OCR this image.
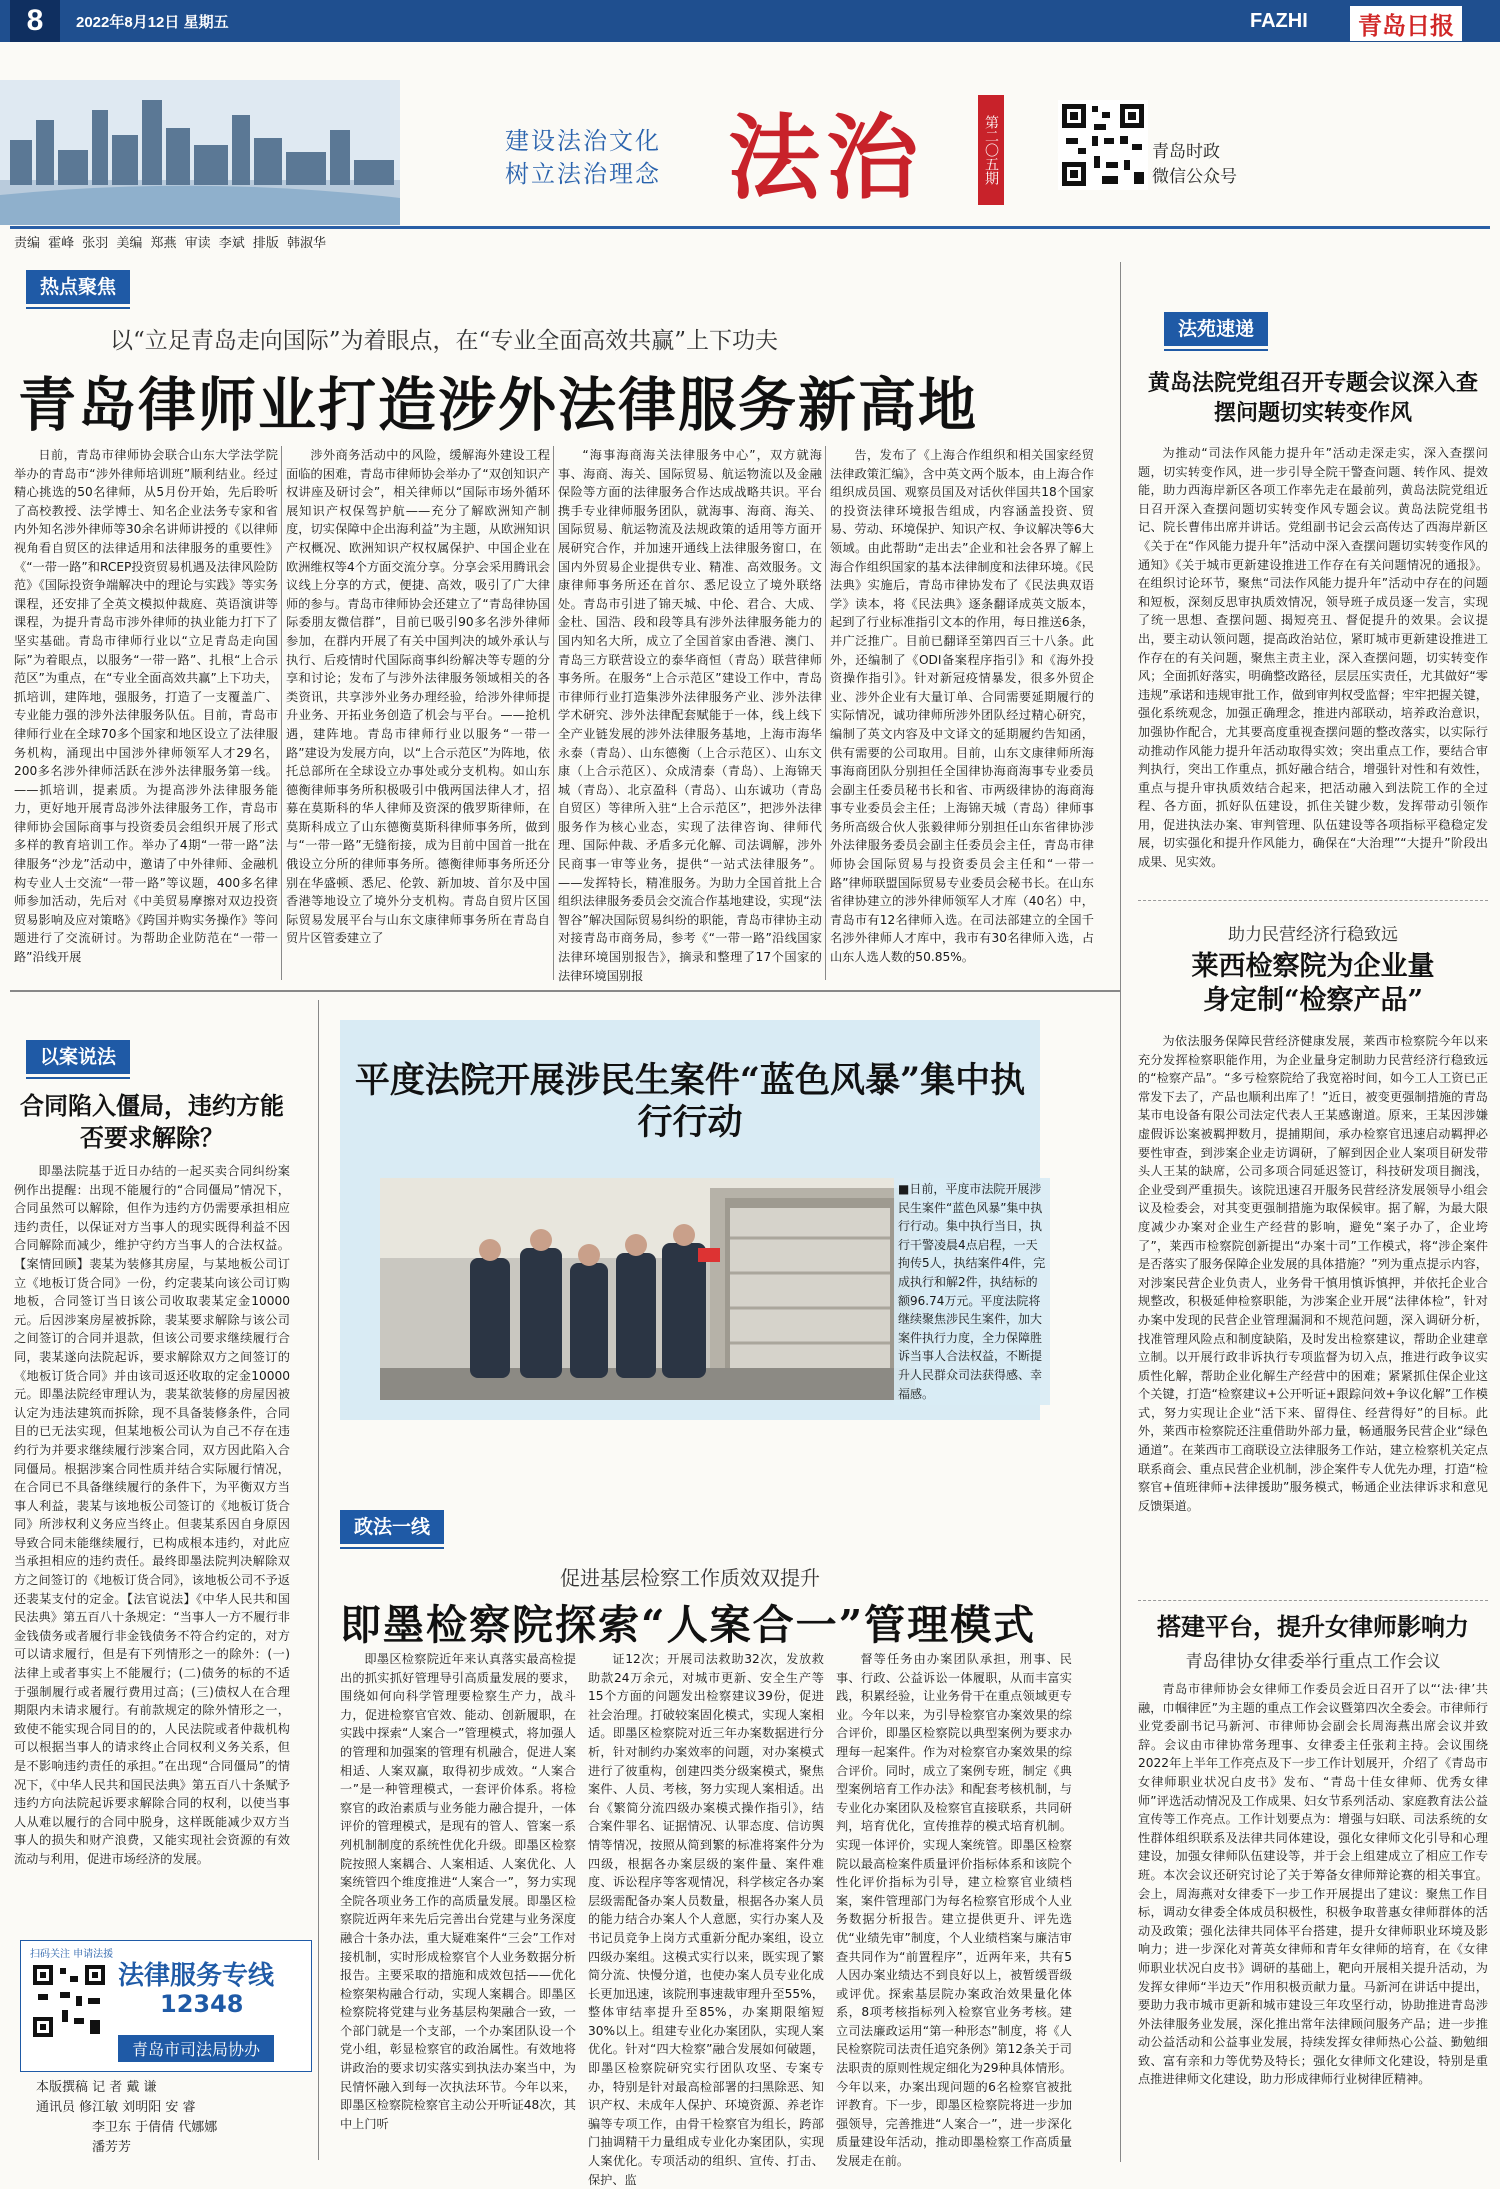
8	2022年8月12日 星期五	FAZHI	青岛日报
建设法治文化
树立法治理念 法治	第二〇五期	青岛时政
微信公众号
责编 霍峰 张羽 美编 郑燕 审读 李斌 排版 韩淑华
热点聚焦
以“立足青岛走向国际”为着眼点，在“专业全面高效共赢”上下功夫
青岛律师业打造涉外法律服务新高地

日前，青岛市律师协会联合山东大学法学院举办的青岛市“涉外律师培训班”顺利结业。经过精心挑选的50名律师，从5月份开始，先后聆听了高校教授、法学博士、知名企业法务专家和省内外知名涉外律师等30余名讲师讲授的《以律师视角看自贸区的法律适用和法律服务的重要性》《“一带一路”和RCEP投资贸易机遇及法律风险防范》《国际投资争端解决中的理论与实践》等实务课程，还安排了全英文模拟仲裁庭、英语演讲等课程，为提升青岛市涉外律师的执业能力打下了坚实基础。青岛市律师行业以“立足青岛走向国际”为着眼点，以服务“一带一路”、扎根“上合示范区”为重点，在“专业全面高效共赢”上下功夫，抓培训，建阵地，强服务，打造了一支覆盖广、专业能力强的涉外法律服务队伍。目前，青岛市律师行业在全球70多个国家和地区设立了法律服务机构，涌现出中国涉外律师领军人才29名，200多名涉外律师活跃在涉外法律服务第一线。——抓培训，提素质。为提高涉外法律服务能力，更好地开展青岛涉外法律服务工作，青岛市律师协会国际商事与投资委员会组织开展了形式多样的教育培训工作。举办了4期“一带一路”法律服务“沙龙”活动中，邀请了中外律师、金融机构专业人士交流“一带一路”等议题，400多名律师参加活动，先后对《中美贸易摩擦对双边投资贸易影响及应对策略》《跨国并购实务操作》等问题进行了交流研讨。为帮助企业防范在“一带一路”沿线开展

涉外商务活动中的风险，缓解海外建设工程面临的困难，青岛市律师协会举办了“双创知识产权讲座及研讨会”，相关律师以“国际市场外循环展知识产权保驾护航——充分了解欧洲知产制度，切实保障中企出海利益”为主题，从欧洲知识产权概况、欧洲知识产权权属保护、中国企业在欧洲维权等4个方面交流分享。分享会采用腾讯会议线上分享的方式，便捷、高效，吸引了广大律师的参与。青岛市律师协会还建立了“青岛律协国际委朋友微信群”，目前已吸引90多名涉外律师参加，在群内开展了有关中国判决的域外承认与执行、后疫情时代国际商事纠纷解决等专题的分享和讨论；发布了与涉外法律服务领域相关的各类资讯，共享涉外业务办理经验，给涉外律师提升业务、开拓业务创造了机会与平台。——抢机遇，建阵地。青岛市律师行业以服务“一带一路”建设为发展方向，以“上合示范区”为阵地，依托总部所在全球设立办事处或分支机构。如山东德衡律师事务所积极吸引中俄两国法律人才，招募在莫斯科的华人律师及资深的俄罗斯律师，在莫斯科成立了山东德衡莫斯科律师事务所，做到与“一带一路”无缝衔接，成为目前中国首一批在俄设立分所的律师事务所。德衡律师事务所还分别在华盛顿、悉尼、伦敦、新加坡、首尔及中国香港等地设立了境外分支机构。青岛自贸片区国际贸易发展平台与山东文康律师事务所在青岛自贸片区管委建立了

“海事海商海关法律服务中心”，双方就海事、海商、海关、国际贸易、航运物流以及金融保险等方面的法律服务合作达成战略共识。平台携手专业律师服务团队，就海事、海商、海关、国际贸易、航运物流及法规政策的适用等方面开展研究合作，并加速开通线上法律服务窗口，在国内外贸易企业提供专业、精准、高效服务。文康律师事务所还在首尔、悉尼设立了境外联络处。青岛市引进了锦天城、中伦、君合、大成、金杜、国浩、段和段等具有涉外法律服务能力的国内知名大所，成立了全国首家由香港、澳门、青岛三方联营设立的泰华商恒（青岛）联营律师事务所。在服务“上合示范区”建设工作中，青岛市律师行业打造集涉外法律服务产业、涉外法律学术研究、涉外法律配套赋能于一体，线上线下全产业链发展的涉外法律服务基地，上海市海华永泰（青岛）、山东德衡（上合示范区）、山东文康（上合示范区）、众成清泰（青岛）、上海锦天城（青岛）、北京盈科（青岛）、山东诚功（青岛自贸区）等律所入驻“上合示范区”，把涉外法律服务作为核心业态，实现了法律咨询、律师代理、国际仲裁、矛盾多元化解、司法调解，涉外民商事一审等业务，提供“一站式法律服务”。——发挥特长，精准服务。为助力全国首批上合组织法律服务委员会交流合作基地建设，实现“法智谷”解决国际贸易纠纷的职能，青岛市律协主动对接青岛市商务局，参考《“一带一路”沿线国家法律环境国别报告》，摘录和整理了17个国家的法律环境国别报

告，发布了《上海合作组织和相关国家经贸法律政策汇编》，含中英文两个版本，由上海合作组织成员国、观察员国及对话伙伴国共18个国家的投资法律环境报告组成，内容涵盖投资、贸易、劳动、环境保护、知识产权、争议解决等6大领域。由此帮助“走出去”企业和社会各界了解上海合作组织国家的基本法律制度和法律环境。《民法典》实施后，青岛市律协发布了《民法典双语学》读本，将《民法典》逐条翻译成英文版本，起到了行业标准指引文本的作用，每日推送6条，并广泛推广。目前已翻译至第四百三十八条。此外，还编制了《ODI备案程序指引》和《海外投资操作指引》。针对新冠疫情暴发，很多外贸企业、涉外企业有大量订单、合同需要延期履行的实际情况，诚功律师所涉外团队经过精心研究，编制了英文内容及中文译文的延期履约告知函，供有需要的公司取用。目前，山东文康律师所海事海商团队分别担任全国律协海商海事专业委员会副主任委员秘书长和省、市两级律协的海商海事专业委员会主任；上海锦天城（青岛）律师事务所高级合伙人张毅律师分别担任山东省律协涉外法律服务委员会副主任委员会主任，青岛市律师协会国际贸易与投资委员会主任和“一带一路”律师联盟国际贸易专业委员会秘书长。在山东省律协建立的涉外律师领军人才库（40名）中，青岛市有12名律师入选。在司法部建立的全国千名涉外律师人才库中，我市有30名律师入选，占山东人选人数的50.85%。

法苑速递
黄岛法院党组召开专题会议深入查摆问题切实转变作风

为推动“司法作风能力提升年”活动走深走实，深入查摆问题，切实转变作风，进一步引导全院干警查问题、转作风、提效能，助力西海岸新区各项工作率先走在最前列，黄岛法院党组近日召开深入查摆问题切实转变作风专题会议。黄岛法院党组书记、院长曹伟出席并讲话。党组副书记会云高传达了西海岸新区《关于在“作风能力提升年”活动中深入查摆问题切实转变作风的通知》《关于城市更新建设推进工作存在有关问题情况的通报》。在组织讨论环节，聚焦“司法作风能力提升年”活动中存在的问题和短板，深刻反思审执质效情况，领导班子成员逐一发言，实现了统一思想、查摆问题、揭短亮丑、督促提升的效果。会议提出，要主动认领问题，提高政治站位，紧盯城市更新建设推进工作存在的有关问题，聚焦主责主业，深入查摆问题，切实转变作风；全面抓好落实，明确整改路径，层层压实责任，尤其做好“零违规”承诺和违规审批工作，做到审判权受监督；牢牢把握关键，强化系统观念，加强正确理念，推进内部联动，培养政治意识，加强协作配合，尤其要高度重视查摆问题的整改落实，以实际行动推动作风能力提升年活动取得实效；突出重点工作，要结合审判执行，突出工作重点，抓好融合结合，增强针对性和有效性，重点与提升审执质效结合起来，把活动融入到法院工作的全过程、各方面，抓好队伍建设，抓住关键少数，发挥带动引领作用，促进执法办案、审判管理、队伍建设等各项指标平稳稳定发展，切实强化和提升作风能力，确保在“大治理”“大提升”阶段出成果、见实效。

助力民营经济行稳致远
莱西检察院为企业量身定制“检察产品”

为依法服务保障民营经济健康发展，莱西市检察院今年以来充分发挥检察职能作用，为企业量身定制助力民营经济行稳致远的“检察产品”。“多亏检察院给了我宽裕时间，如今工人工资已正常发下去了，产品也顺利出库了！”近日，被变更强制措施的青岛某市电设备有限公司法定代表人王某感谢道。原来，王某因涉嫌虚假诉讼案被羁押数月，提捕期间，承办检察官迅速启动羁押必要性审查，到涉案企业走访调研，了解到因企业人案项目研发带头人王某的缺席，公司多项合同延迟签订，科技研发项目搁浅，企业受到严重损失。该院迅速召开服务民营经济发展领导小组会议及检委会，对其变更强制措施为取保候审。据了解，为最大限度减少办案对企业生产经营的影响，避免“案子办了，企业垮了”，莱西市检察院创新提出“办案十司”工作模式，将“涉企案件是否落实了服务保障企业发展的具体措施？”列为重点提示内容，对涉案民营企业负责人，业务骨干慎用慎诉慎押，并依托企业合规整改，积极延伸检察职能，为涉案企业开展“法律体检”，针对办案中发现的民营企业管理漏洞和不规范问题，深入调研分析，找准管理风险点和制度缺陷，及时发出检察建议，帮助企业建章立制。以开展行政非诉执行专项监督为切入点，推进行政争议实质性化解，帮助企业化解生产经营中的困难；紧紧抓住保企业这个关键，打造“检察建议+公开听证+跟踪问效+争议化解”工作模式，努力实现让企业“活下来、留得住、经营得好”的目标。此外，莱西市检察院还注重借助外部力量，畅通服务民营企业“绿色通道”。在莱西市工商联设立法律服务工作站，建立检察机关定点联系商会、重点民营企业机制，涉企案件专人优先办理，打造“检察官+值班律师+法律援助”服务模式，畅通企业法律诉求和意见反馈渠道。

搭建平台，提升女律师影响力
青岛律协女律委举行重点工作会议

青岛市律师协会女律师工作委员会近日召开了以“‘法·律’共融，巾帼律匠”为主题的重点工作会议暨第四次全委会。市律师行业党委副书记马新河、市律师协会副会长周海燕出席会议并致辞。会议由市律协常务理事、女律委主任张莉主持。会议围绕2022年上半年工作亮点及下一步工作计划展开，介绍了《青岛市女律师职业状况白皮书》发布、“青岛十佳女律师、优秀女律师”评选活动情况及工作成果、妇女节系列活动、家庭教育法公益宣传等工作亮点。工作计划要点为：增强与妇联、司法系统的女性群体组织联系及法律共同体建设，强化女律师文化引导和心理建设，加强女律师队伍建设等，并于会上组建成立了相应工作专班。本次会议还研究讨论了关于筹备女律师辩论赛的相关事宜。会上，周海燕对女律委下一步工作开展提出了建议：聚焦工作目标，调动女律委全体成员积极性，积极争取普惠女律师群体的活动及政策；强化法律共同体平台搭建，提升女律师职业环境及影响力；进一步深化对菁英女律师和青年女律师的培育，在《女律师职业状况白皮书》调研的基础上，靶向开展相关提升活动，为发挥女律师“半边天”作用积极贡献力量。马新河在讲话中提出，要助力我市城市更新和城市建设三年攻坚行动，协助推进青岛涉外法律服务业发展，深化推出常年法律顾问服务产品；进一步推动公益活动和公益事业发展，持续发挥女律师热心公益、勤勉细致、富有亲和力等优势及特长；强化女律师文化建设，特别是重点推进律师文化建设，助力形成律师行业树律匠精神。

以案说法
合同陷入僵局，违约方能否要求解除？

即墨法院基于近日办结的一起买卖合同纠纷案例作出提醒：出现不能履行的“合同僵局”情况下，合同虽然可以解除，但作为违约方仍需要承担相应违约责任，以保证对方当事人的现实既得利益不因合同解除而减少，维护守约方当事人的合法权益。【案情回顾】裴某为装修其房屋，与某地板公司订立《地板订货合同》一份，约定裴某向该公司订购地板，合同签订当日该公司收取裴某定金10000元。后因涉案房屋被拆除，裴某要求解除与该公司之间签订的合同并退款，但该公司要求继续履行合同，裴某遂向法院起诉，要求解除双方之间签订的《地板订货合同》并由该司返还收取的定金10000元。即墨法院经审理认为，裴某欲装修的房屋因被认定为违法建筑而拆除，现不具备装修条件，合同目的已无法实现，但某地板公司认为自己不存在违约行为并要求继续履行涉案合同，双方因此陷入合同僵局。根据涉案合同性质并结合实际履行情况，在合同已不具备继续履行的条件下，为平衡双方当事人利益，裴某与该地板公司签订的《地板订货合同》所涉权利义务应当终止。但裴某系因自身原因导致合同未能继续履行，已构成根本违约，对此应当承担相应的违约责任。最终即墨法院判决解除双方之间签订的《地板订货合同》，该地板公司不予返还裴某支付的定金。【法官说法】《中华人民共和国民法典》第五百八十条规定：“当事人一方不履行非金钱债务或者履行非金钱债务不符合约定的，对方可以请求履行，但是有下列情形之一的除外：(一)法律上或者事实上不能履行；(二)债务的标的不适于强制履行或者履行费用过高；(三)债权人在合理期限内未请求履行。有前款规定的除外情形之一，致使不能实现合同目的的，人民法院或者仲裁机构可以根据当事人的请求终止合同权利义务关系，但是不影响违约责任的承担。”在出现“合同僵局”的情况下，《中华人民共和国民法典》第五百八十条赋予违约方向法院起诉要求解除合同的权利，以使当事人从难以履行的合同中脱身，这样既能减少双方当事人的损失和财产浪费，又能实现社会资源的有效流动与利用，促进市场经济的发展。

平度法院开展涉民生案件“蓝色风暴”集中执行行动
■日前，平度市法院开展涉民生案件“蓝色风暴”集中执行行动。集中执行当日，执行干警凌晨4点启程，一天拘传5人，执结案件4件，完成执行和解2件，执结标的额96.74万元。平度法院将继续聚焦涉民生案件，加大案件执行力度，全力保障胜诉当事人合法权益，不断提升人民群众司法获得感、幸福感。
政法一线
促进基层检察工作质效双提升
即墨检察院探索“人案合一”管理模式

即墨区检察院近年来认真落实最高检提出的抓实抓好管理导引高质量发展的要求，围绕如何向科学管理要检察生产力，战斗力，促进检察官官效、能动、创新履职，在实践中探索“人案合一”管理模式，将加强人的管理和加强案的管理有机融合，促进人案相适、人案双赢，取得初步成效。“人案合一”是一种管理模式，一套评价体系。将检察官的政治素质与业务能力融合提升，一体评价的管理模式，是现有的管人、管案一系列机制制度的系统性优化升级。即墨区检察院按照人案耦合、人案相适、人案优化、人案统管四个维度推进“人案合一”，努力实现全院各项业务工作的高质量发展。即墨区检察院近两年来先后完善出台党建与业务深度融合十条办法，重大疑难案件“三会”工作对接机制，实时形成检察官个人业务数据分析报告。主要采取的措施和成效包括——优化检察架构融合行动，实现人案耦合。即墨区检察院将党建与业务基层构架融合一致，一个部门就是一个支部，一个办案团队设一个党小组，彰显检察官的政治属性。有效地将讲政治的要求切实落实到执法办案当中，为民情怀融入到每一次执法环节。今年以来，即墨区检察院检察官主动公开听证48次，其中上门听

证12次；开展司法救助32次，发放救助款24万余元，对城市更新、安全生产等15个方面的问题发出检察建议39份，促进社会治理。打破较案固化模式，实现人案相适。即墨区检察院对近三年办案数据进行分析，针对制约办案效率的问题，对办案模式进行了彼重构，创建四类分级案模式，聚焦案件、人员、考核，努力实现人案相适。出台《繁简分流四级办案模式操作指引》，结合案件罪名、证据情况、认罪态度、信访舆情等情况，按照从简到繁的标准将案件分为四级，根据各办案层级的案件量、案件难度、诉讼程序等客观情况，科学核定各办案层级需配备办案人员数量，根据各办案人员的能力结合办案人个人意愿，实行办案人及书记员竞争上岗方式重新分配办案组，设立四级办案组。这模式实行以来，既实现了繁简分流、快慢分道，也使办案人员专业化成长更加迅速，该院刑事速裁审理升至55%，整体审结率提升至85%，办案期限缩短30%以上。组建专业化办案团队，实现人案优化。针对“四大检察”融合发展如何破题，即墨区检察院研究实行团队攻坚、专案专办，特别是针对最高检部署的扫黑除恶、知识产权、未成年人保护、环境资源、养老诈骗等专项工作，由骨干检察官为组长，跨部门抽调精干力量组成专业化办案团队，实现人案优化。专项活动的组织、宣传、打击、保护、监

督等任务由办案团队承担，刑事、民事、行政、公益诉讼一体履职，从而丰富实践，积累经验，让业务骨干在重点领域更专业。今年以来，为引导检察官办案效果的综合评价，即墨区检察院以典型案例为要求办理每一起案件。作为对检察官办案效果的综合评价。同时，成立了案例专班，制定《典型案例培育工作办法》和配套考核机制，与专业化办案团队及检察官直接联系，共同研判，培育优化，宣传推荐的模式培育机制。实现一体评价，实现人案统管。即墨区检察院以最高检案件质量评价指标体系和该院个性化评价指标为引导，建立检察官业绩档案，案件管理部门为每名检察官形成个人业务数据分析报告。建立提供更升、评先选优“业绩先审”制度，个人业绩档案与廉洁审查共同作为“前置程序”，近两年来，共有5人因办案业绩达不到良好以上，被暂缓晋级或评优。探索基层院办案政治效果量化体系，8项考核指标列入检察官业务考核。建立司法廉政运用“第一种形态”制度，将《人民检察院司法责任追究条例》第12条关于司法职责的原则性规定细化为29种具体情形。今年以来，办案出现问题的6名检察官被批评教育。下一步，即墨区检察院将进一步加强领导，完善推进“人案合一”，进一步深化质量建设年活动，推动即墨检察工作高质量发展走在前。

扫码关注 申请法援
法律服务专线
12348
青岛市司法局协办
本版撰稿 记 者 戴 谦
通讯员 修江敏 刘明阳 安 睿
李卫东 于倩倩 代娜娜
潘芳芳
